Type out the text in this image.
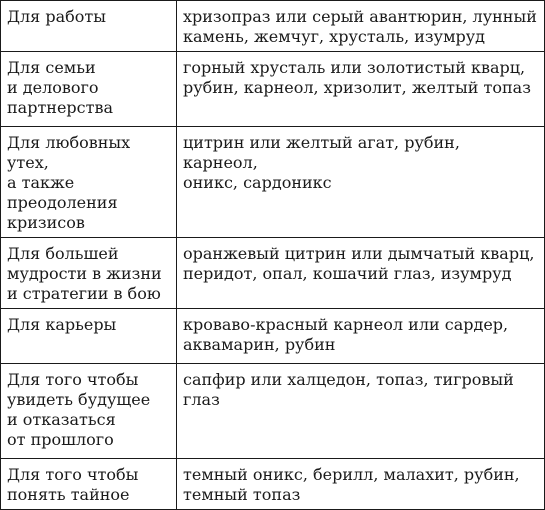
Для работы	хризопраз или серый авантюрин, лунный
камень, жемчуг, хрусталь, изумруд
Для семьи
и делового
партнерства	горный хрусталь или золотистый кварц,
рубин, карнеол, хризолит, желтый топаз
Для любовных утех,
а также
преодоления
кризисов	цитрин или желтый агат, рубин, карнеол,
оникс, сардоникс
Для большей
мудрости в жизни
и стратегии в бою	оранжевый цитрин или дымчатый кварц,
перидот, опал, кошачий глаз, изумруд
Для карьеры	кроваво-красный карнеол или сардер,
аквамарин, рубин
Для того чтобы
увидеть будущее
и отказаться
от прошлого	сапфир или халцедон, топаз, тигровый глаз
Для того чтобы
понять тайное	темный оникс, берилл, малахит, рубин,
темный топаз
